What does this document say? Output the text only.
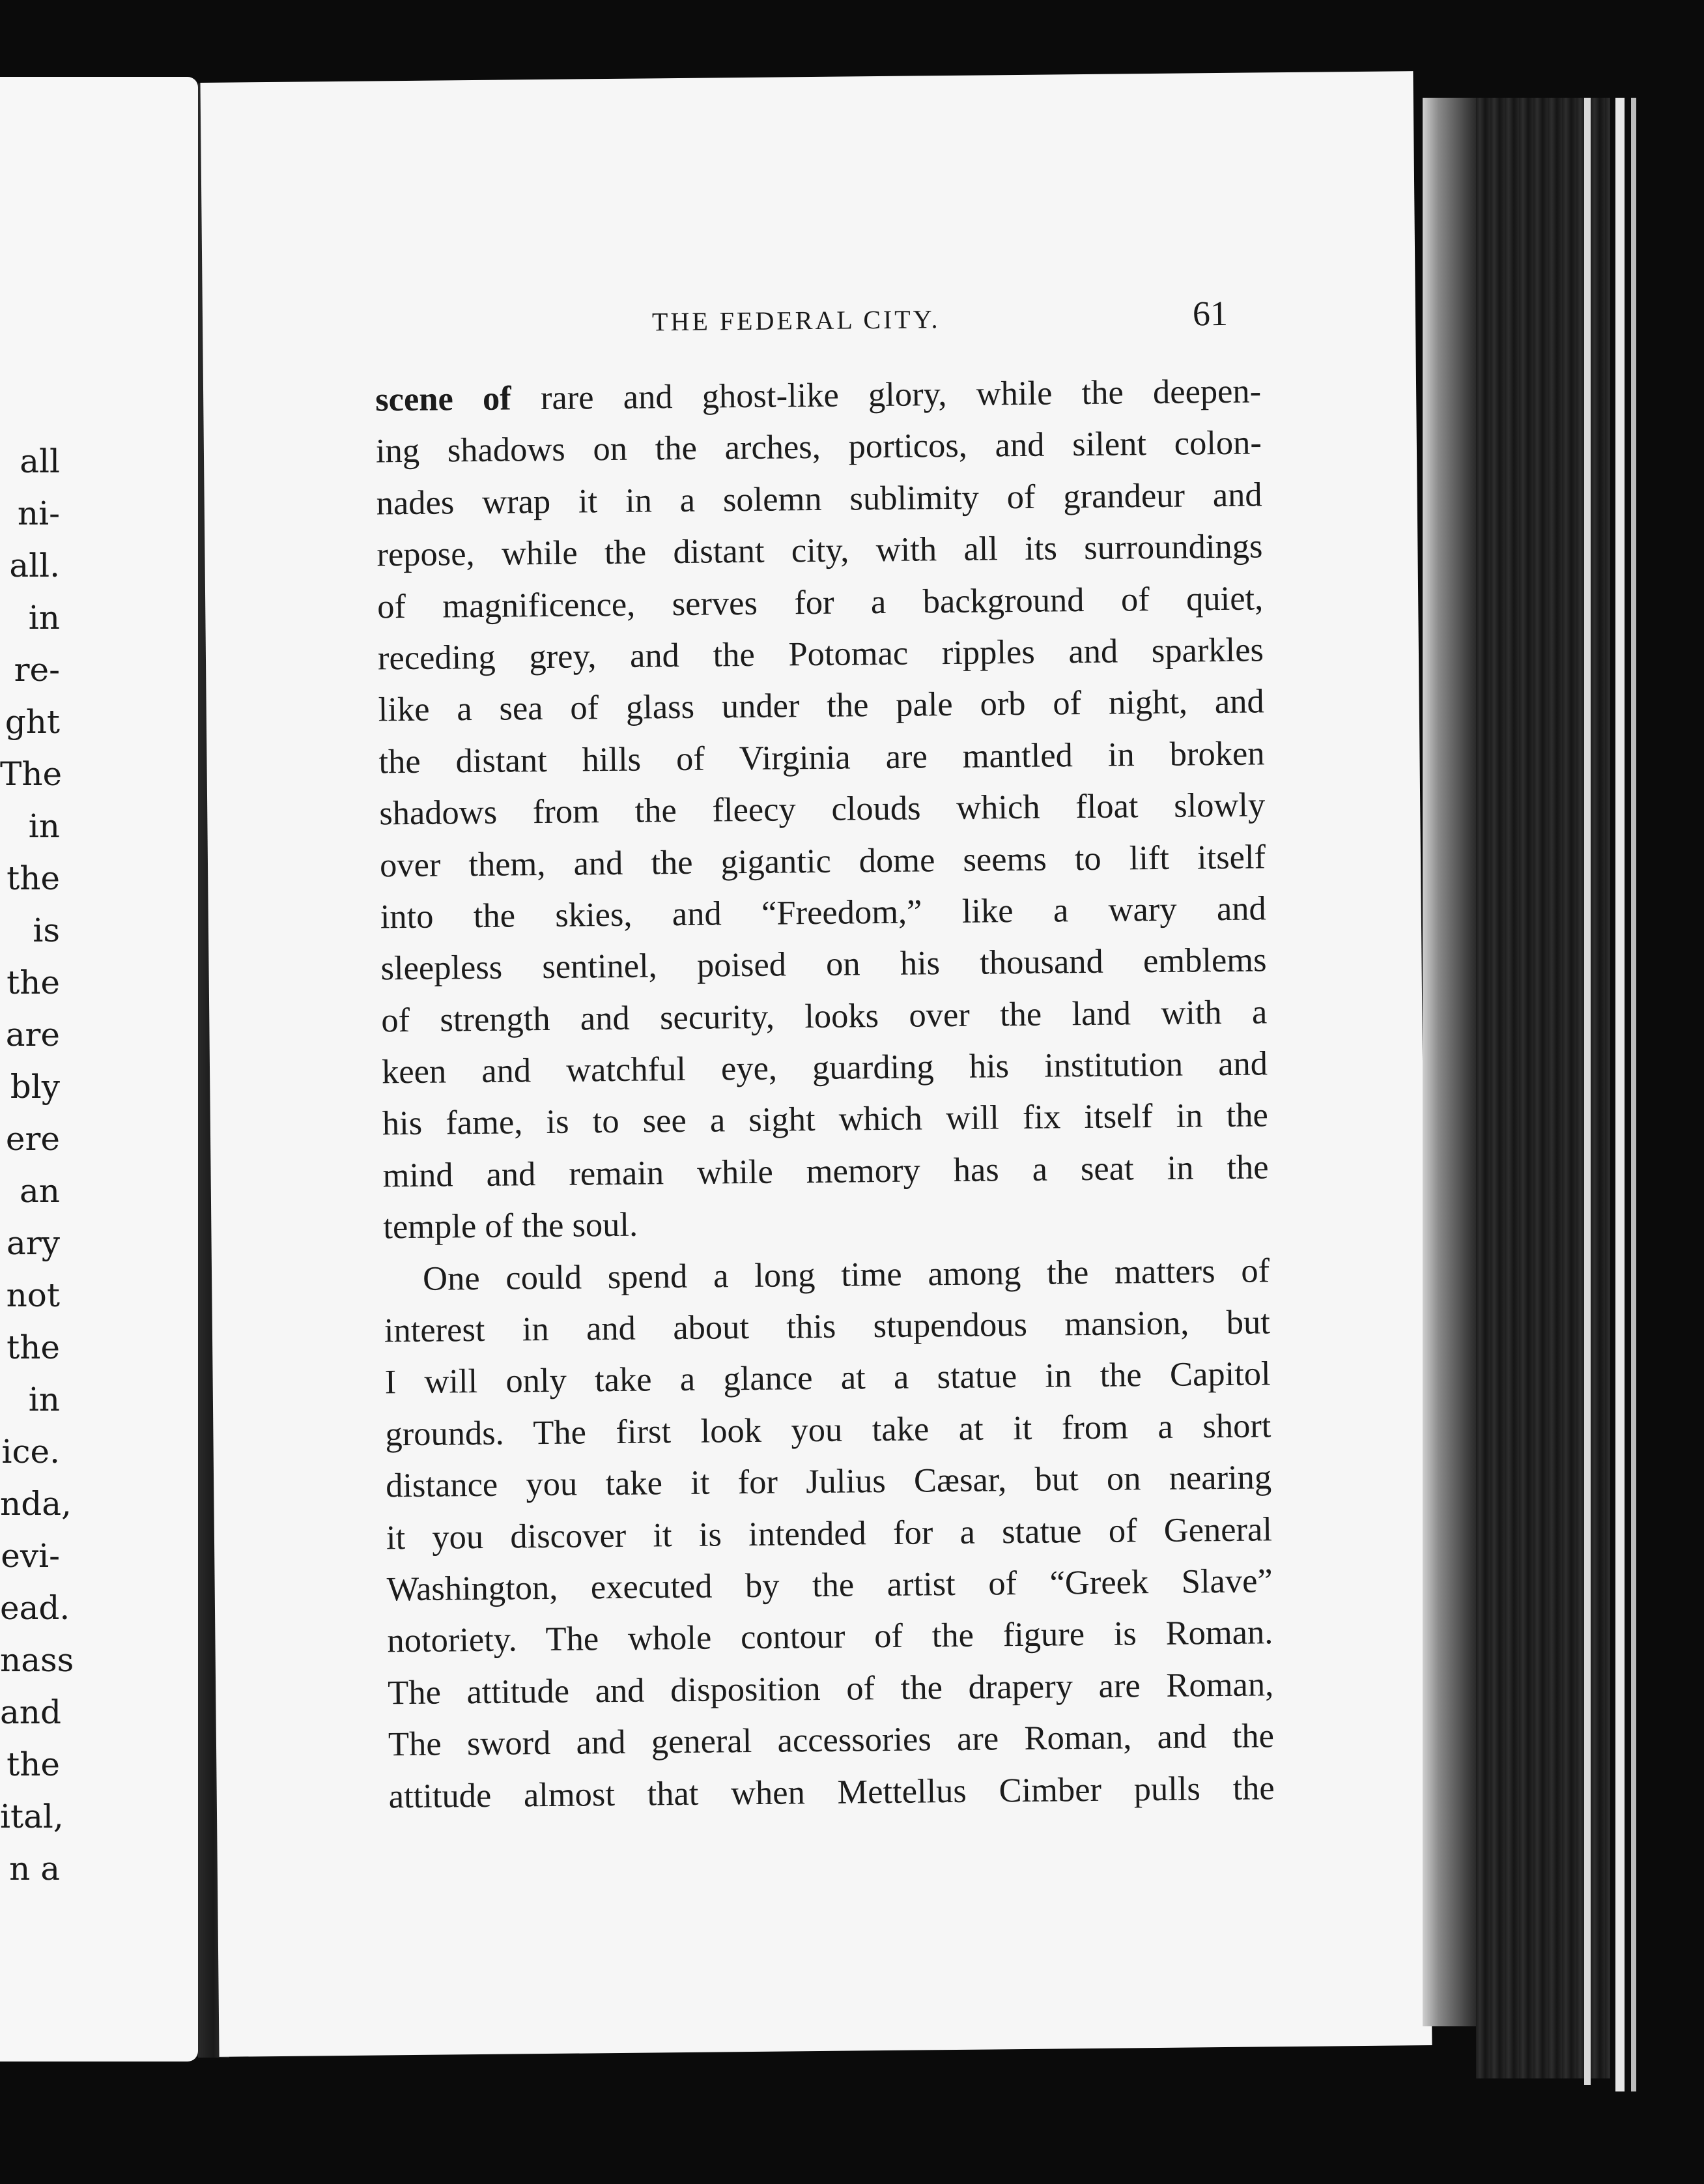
all
ni-
all.
in
re-
ght
The
in
the
is
the
are
bly
ere
an
ary
not
the
in
ice.
nda,
evi-
ead.
nass
and
the
ital,
n a
THE FEDERAL CITY.	61
scene of rare and ghost-like glory, while the deepen-
ing shadows on the arches, porticos, and silent colon-
nades wrap it in a solemn sublimity of grandeur and
repose, while the distant city, with all its surroundings
of magnificence, serves for a background of quiet,
receding grey, and the Potomac ripples and sparkles
like a sea of glass under the pale orb of night, and
the distant hills of Virginia are mantled in broken
shadows from the fleecy clouds which float slowly
over them, and the gigantic dome seems to lift itself
into the skies, and “Freedom,” like a wary and
sleepless sentinel, poised on his thousand emblems
of strength and security, looks over the land with a
keen and watchful eye, guarding his institution and
his fame, is to see a sight which will fix itself in the
mind and remain while memory has a seat in the
temple of the soul.
One could spend a long time among the matters of
interest in and about this stupendous mansion, but
I will only take a glance at a statue in the Capitol
grounds. The first look you take at it from a short
distance you take it for Julius Cæsar, but on nearing
it you discover it is intended for a statue of General
Washington, executed by the artist of “Greek Slave”
notoriety. The whole contour of the figure is Roman.
The attitude and disposition of the drapery are Roman,
The sword and general accessories are Roman, and the
attitude almost that when Mettellus Cimber pulls the
